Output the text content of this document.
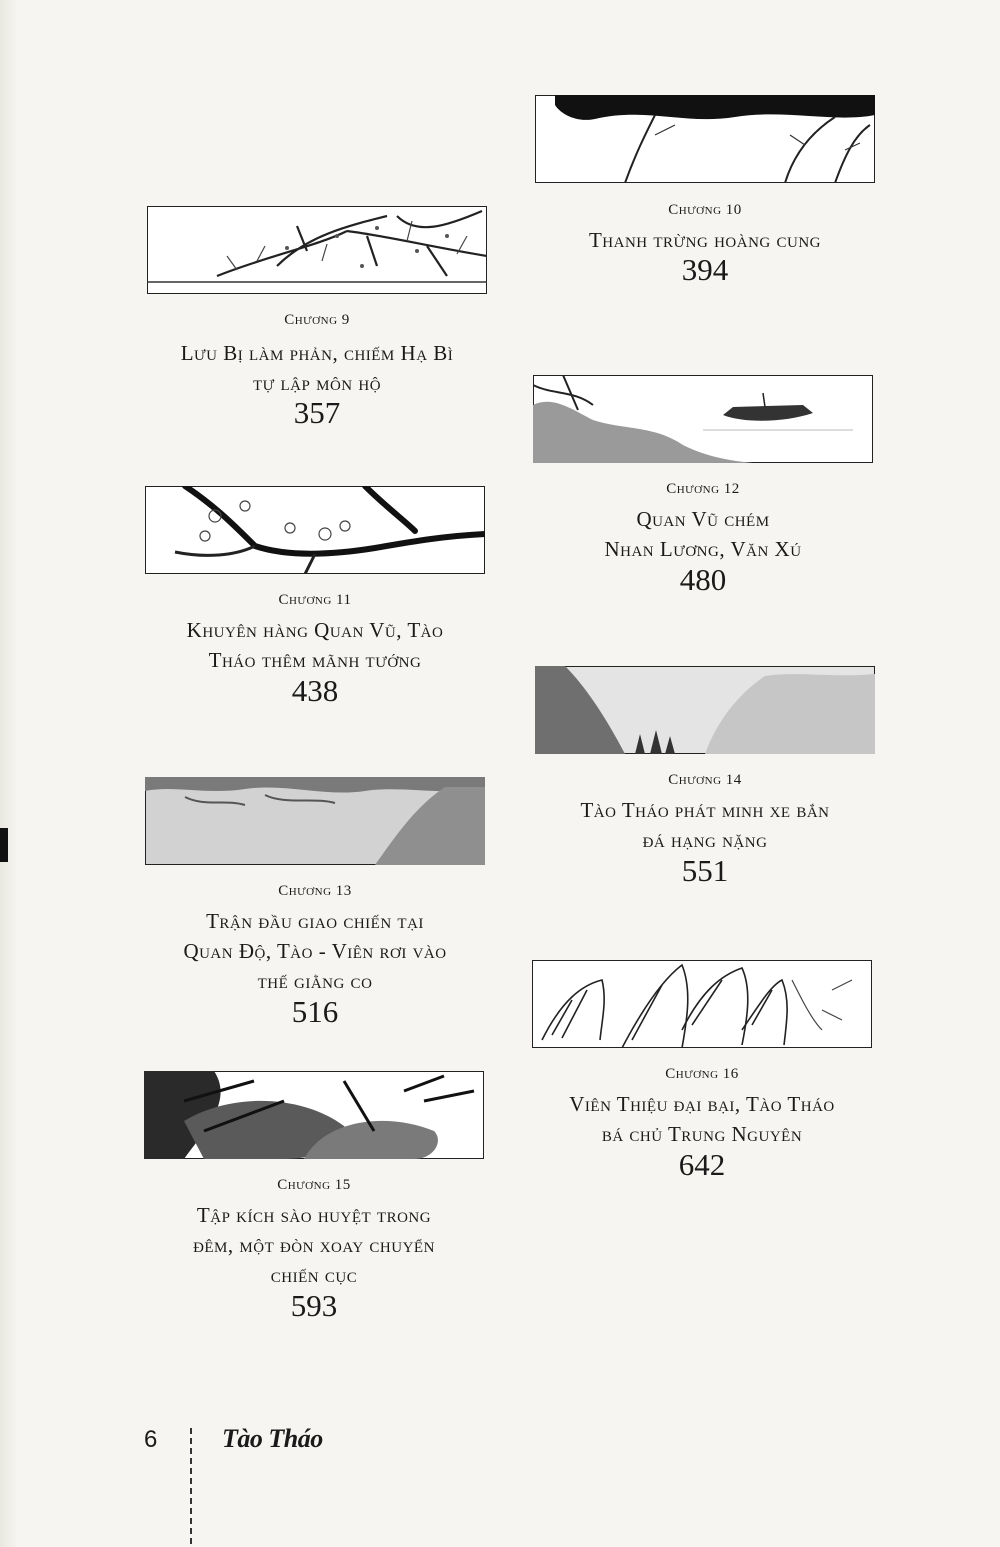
Chương 9
Lưu Bị làm phản, chiếm Hạ Bì
tự lập môn hộ
357
Chương 10
Thanh trừng hoàng cung
394
Chương 11
Khuyên hàng Quan Vũ, Tào
Tháo thêm mãnh tướng
438
Chương 12
Quan Vũ chém
Nhan Lương, Văn Xú
480
Chương 13
Trận đầu giao chiến tại
Quan Độ, Tào - Viên rơi vào
thế giằng co
516
Chương 14
Tào Tháo phát minh xe bắn
đá hạng nặng
551
Chương 15
Tập kích sào huyệt trong
đêm, một đòn xoay chuyển
chiến cục
593
Chương 16
Viên Thiệu đại bại, Tào Tháo
bá chủ Trung Nguyên
642
6 Tào Tháo
